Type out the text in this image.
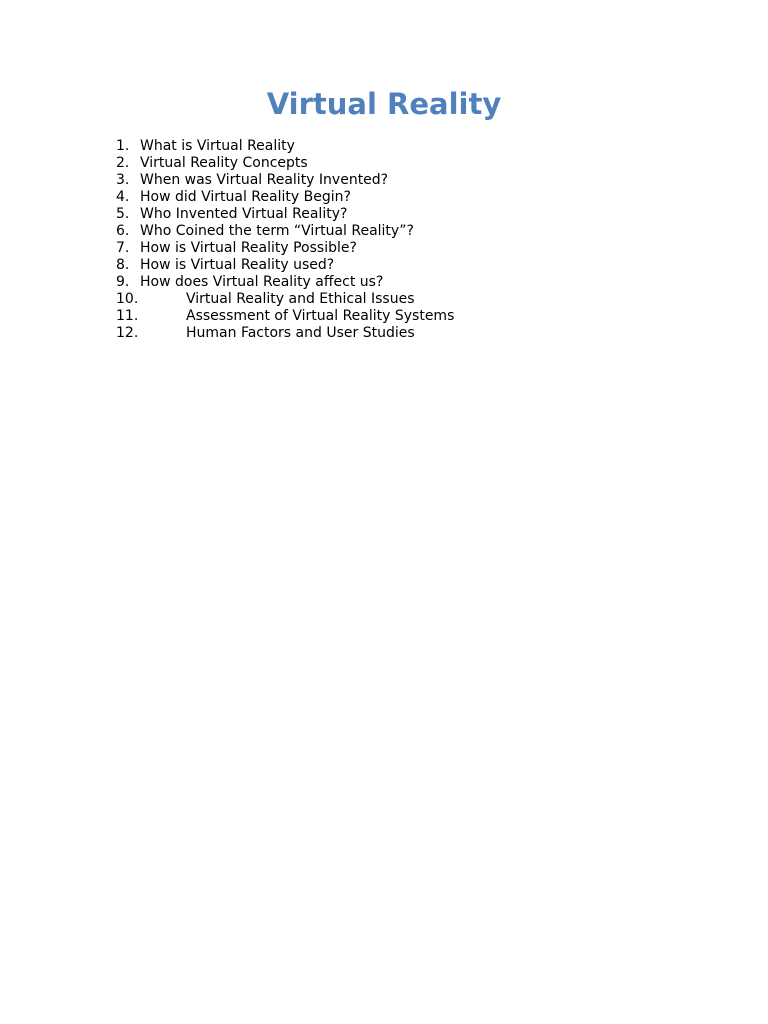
Virtual Reality
1. What is Virtual Reality
2. Virtual Reality Concepts
3. When was Virtual Reality Invented?
4. How did Virtual Reality Begin?
5. Who Invented Virtual Reality?
6. Who Coined the term “Virtual Reality”?
7. How is Virtual Reality Possible?
8. How is Virtual Reality used?
9. How does Virtual Reality affect us?
10.	Virtual Reality and Ethical Issues
11.	Assessment of Virtual Reality Systems
12.	Human Factors and User Studies
